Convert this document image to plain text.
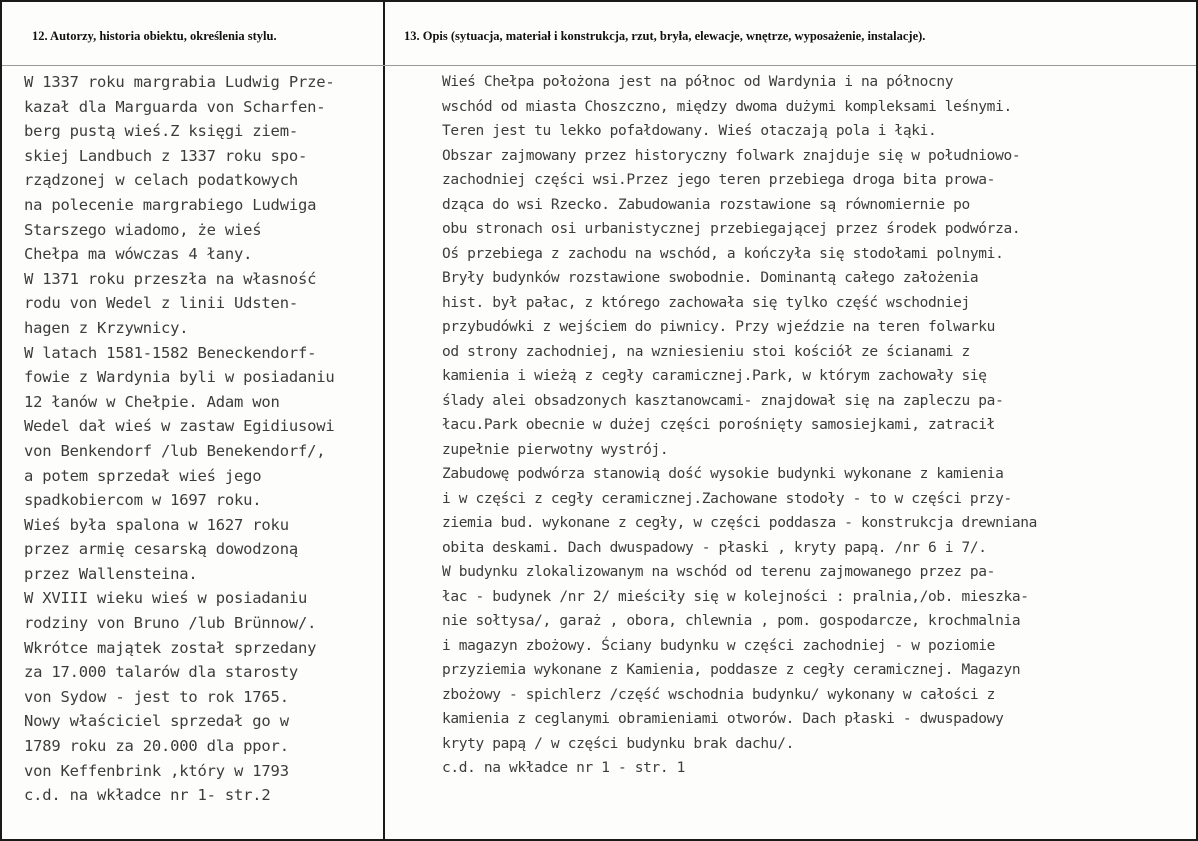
12. Autorzy, historia obiektu, określenia stylu.	13. Opis (sytuacja, materiał i konstrukcja, rzut, bryła, elewacje, wnętrze, wyposażenie, instalacje).
W 1337 roku margrabia Ludwig Prze-
kazał dla Marguarda von Scharfen-
berg pustą wieś.Z księgi ziem-
skiej Landbuch z 1337 roku spo-
rządzonej w celach podatkowych
na polecenie margrabiego Ludwiga
Starszego wiadomo, że wieś
Chełpa ma wówczas 4 łany.
W 1371 roku przeszła na własność
rodu von Wedel z linii Udsten-
hagen z Krzywnicy.
W latach 1581-1582 Beneckendorf-
fowie z Wardynia byli w posiadaniu
12 łanów w Chełpie. Adam won
Wedel dał wieś w zastaw Egidiusowi
von Benkendorf /lub Benekendorf/,
a potem sprzedał wieś jego
spadkobiercom w 1697 roku.
Wieś była spalona w 1627 roku
przez armię cesarską dowodzoną
przez Wallensteina.
W XVIII wieku wieś w posiadaniu
rodziny von Bruno /lub Brünnow/.
Wkrótce majątek został sprzedany
za 17.000 talarów dla starosty
von Sydow - jest to rok 1765.
Nowy właściciel sprzedał go w
1789 roku za 20.000 dla ppor.
von Keffenbrink ,który w 1793
c.d. na wkładce nr 1- str.2
Wieś Chełpa położona jest na północ od Wardynia i na północny
wschód od miasta Choszczno, między dwoma dużymi kompleksami leśnymi.
Teren jest tu lekko pofałdowany. Wieś otaczają pola i łąki.
Obszar zajmowany przez historyczny folwark znajduje się w południowo-
zachodniej części wsi.Przez jego teren przebiega droga bita prowa-
dząca do wsi Rzecko. Zabudowania rozstawione są równomiernie po
obu stronach osi urbanistycznej przebiegającej przez środek podwórza.
Oś przebiega z zachodu na wschód, a kończyła się stodołami polnymi.
Bryły budynków rozstawione swobodnie. Dominantą całego założenia
hist. był pałac, z którego zachowała się tylko część wschodniej
przybudówki z wejściem do piwnicy. Przy wjeździe na teren folwarku
od strony zachodniej, na wzniesieniu stoi kościół ze ścianami z
kamienia i wieżą z cegły caramicznej.Park, w którym zachowały się
ślady alei obsadzonych kasztanowcami- znajdował się na zapleczu pa-
łacu.Park obecnie w dużej części porośnięty samosiejkami, zatracił
zupełnie pierwotny wystrój.
Zabudowę podwórza stanowią dość wysokie budynki wykonane z kamienia
i w części z cegły ceramicznej.Zachowane stodoły - to w części przy-
ziemia bud. wykonane z cegły, w części poddasza - konstrukcja drewniana
obita deskami. Dach dwuspadowy - płaski , kryty papą. /nr 6 i 7/.
W budynku zlokalizowanym na wschód od terenu zajmowanego przez pa-
łac - budynek /nr 2/ mieściły się w kolejności : pralnia,/ob. mieszka-
nie sołtysa/, garaż , obora, chlewnia , pom. gospodarcze, krochmalnia
i magazyn zbożowy. Ściany budynku w części zachodniej - w poziomie
przyziemia wykonane z Kamienia, poddasze z cegły ceramicznej. Magazyn
zbożowy - spichlerz /część wschodnia budynku/ wykonany w całości z
kamienia z ceglanymi obramieniami otworów. Dach płaski - dwuspadowy
kryty papą / w części budynku brak dachu/.
c.d. na wkładce nr 1 - str. 1
